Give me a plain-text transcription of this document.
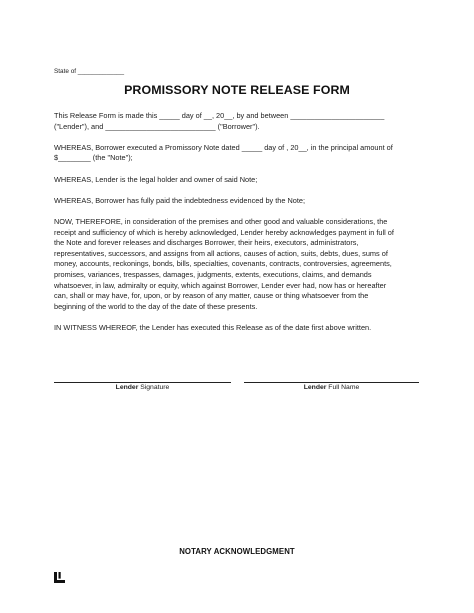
State of _____________
PROMISSORY NOTE RELEASE FORM

This Release Form is made this _____ day of __, 20__, by and between _______________________
("Lender"), and ___________________________ ("Borrower").

WHEREAS, Borrower executed a Promissory Note dated _____ day of , 20__, in the principal amount of
$________ (the "Note");

WHEREAS, Lender is the legal holder and owner of said Note;

WHEREAS, Borrower has fully paid the indebtedness evidenced by the Note;

NOW, THEREFORE, in consideration of the premises and other good and valuable considerations, the
receipt and sufficiency of which is hereby acknowledged, Lender hereby acknowledges payment in full of
the Note and forever releases and discharges Borrower, their heirs, executors, administrators,
representatives, successors, and assigns from all actions, causes of action, suits, debts, dues, sums of
money, accounts, reckonings, bonds, bills, specialties, covenants, contracts, controversies, agreements,
promises, variances, trespasses, damages, judgments, extents, executions, claims, and demands
whatsoever, in law, admiralty or equity, which against Borrower, Lender ever had, now has or hereafter
can, shall or may have, for, upon, or by reason of any matter, cause or thing whatsoever from the
beginning of the world to the day of the date of these presents.

IN WITNESS WHEREOF, the Lender has executed this Release as of the date first above written.

Lender Signature	Lender Full Name
NOTARY ACKNOWLEDGMENT
